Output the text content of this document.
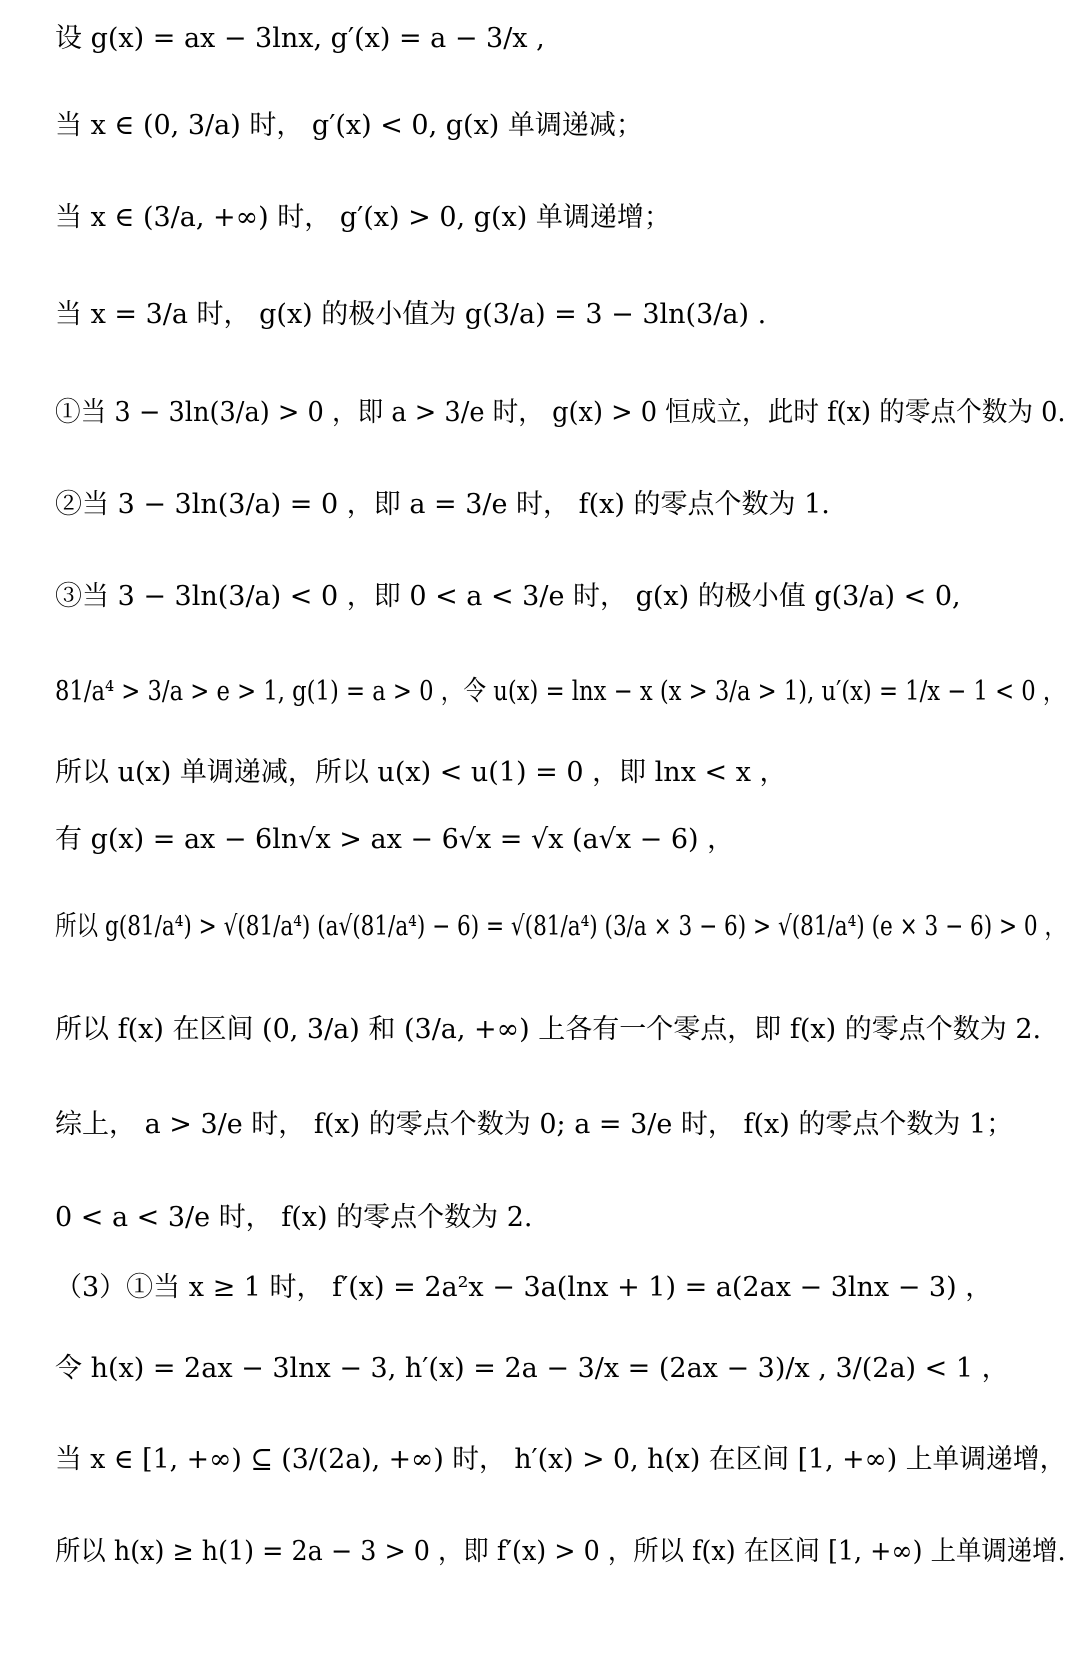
设 g(x) = ax − 3lnx, g′(x) = a − 3/x ,
当 x ∈ (0, 3/a) 时， g′(x) < 0, g(x) 单调递减；
当 x ∈ (3/a, +∞) 时， g′(x) > 0, g(x) 单调递增；
当 x = 3/a 时， g(x) 的极小值为 g(3/a) = 3 − 3ln(3/a) .
①当 3 − 3ln(3/a) > 0 ，即 a > 3/e 时， g(x) > 0 恒成立，此时 f(x) 的零点个数为 0.
②当 3 − 3ln(3/a) = 0 ，即 a = 3/e 时， f(x) 的零点个数为 1.
③当 3 − 3ln(3/a) < 0 ，即 0 < a < 3/e 时， g(x) 的极小值 g(3/a) < 0,
81/a⁴ > 3/a > e > 1, g(1) = a > 0 ，令 u(x) = lnx − x (x > 3/a > 1), u′(x) = 1/x − 1 < 0 ，
所以 u(x) 单调递减，所以 u(x) < u(1) = 0 ，即 lnx < x ，
有 g(x) = ax − 6ln√x > ax − 6√x = √x (a√x − 6) ，
所以 g(81/a⁴) > √(81/a⁴) (a√(81/a⁴) − 6) = √(81/a⁴) (3/a × 3 − 6) > √(81/a⁴) (e × 3 − 6) > 0 ，
所以 f(x) 在区间 (0, 3/a) 和 (3/a, +∞) 上各有一个零点，即 f(x) 的零点个数为 2.
综上， a > 3/e 时， f(x) 的零点个数为 0; a = 3/e 时， f(x) 的零点个数为 1；
0 < a < 3/e 时， f(x) 的零点个数为 2.
（3）①当 x ≥ 1 时， f′(x) = 2a²x − 3a(lnx + 1) = a(2ax − 3lnx − 3) ，
令 h(x) = 2ax − 3lnx − 3, h′(x) = 2a − 3/x = (2ax − 3)/x , 3/(2a) < 1 ，
当 x ∈ [1, +∞) ⊆ (3/(2a), +∞) 时， h′(x) > 0, h(x) 在区间 [1, +∞) 上单调递增，
所以 h(x) ≥ h(1) = 2a − 3 > 0 ，即 f′(x) > 0 ，所以 f(x) 在区间 [1, +∞) 上单调递增.
